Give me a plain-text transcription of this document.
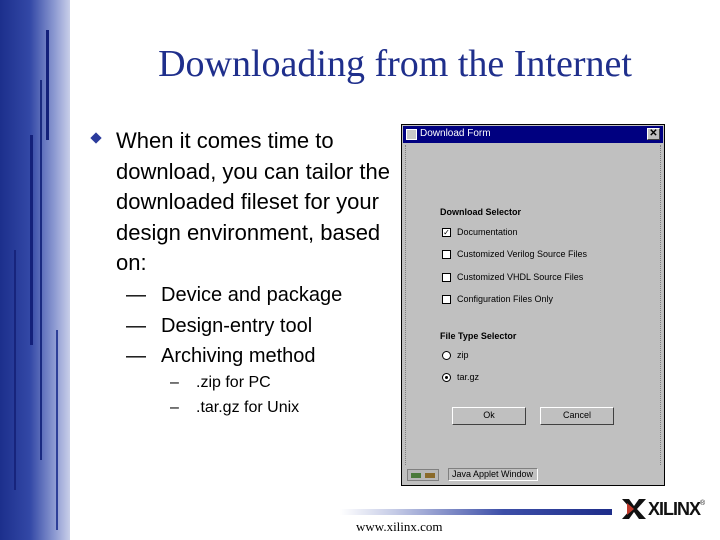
Downloading from the Internet
When it comes time to download, you can tailor the downloaded fileset for your design environment, based on:
— Device and package
— Design-entry tool
— Archiving method
– .zip for PC
– .tar.gz for Unix
Download Form	✕
Download Selector
✓ Documentation
Customized Verilog Source Files
Customized VHDL Source Files
Configuration Files Only
File Type Selector
zip
tar.gz
Ok	Cancel
Java Applet Window
www.xilinx.com
XILINX ®
